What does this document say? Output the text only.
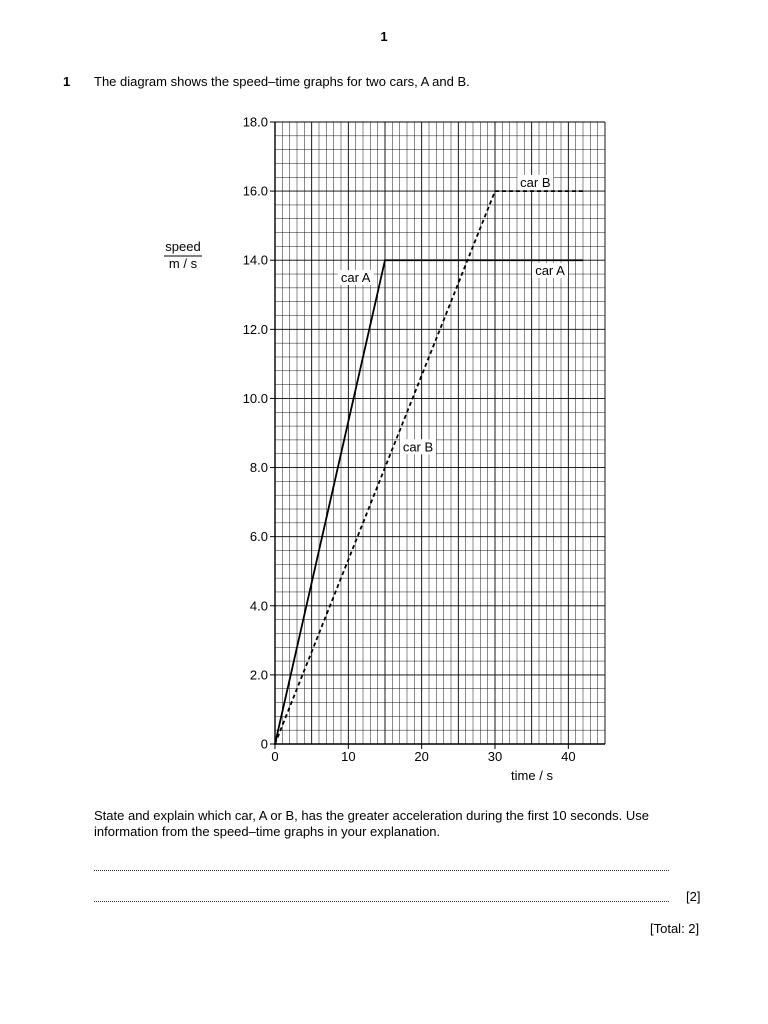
1
1 The diagram shows the speed–time graphs for two cars, A and B.
0
2.0
4.0
6.0
8.0
10.0
12.0
14.0
16.0
18.0
0	10	20	30	40
time / s
speed
m / s
car A	car A
car B
car B
State and explain which car, A or B, has the greater acceleration during the first 10 seconds. Use information from the speed–time graphs in your explanation.
[2]
[Total: 2]
